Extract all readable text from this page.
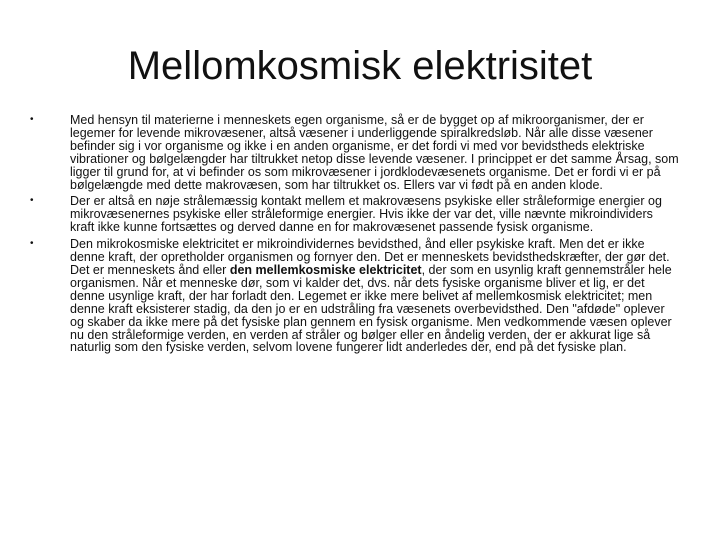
Mellomkosmisk elektrisitet
•	Med hensyn til materierne i menneskets egen organisme, så er de bygget op af mikroorganismer, der er legemer for levende mikrovæsener, altså væsener i underliggende spiralkredsløb. Når alle disse væsener befinder sig i vor organisme og ikke i en anden organisme, er det fordi vi med vor bevidstheds elektriske vibrationer og bølgelængder har tiltrukket netop disse levende væsener. I princippet er det samme Årsag, som ligger til grund for, at vi befinder os som mikrovæsener i jordklodevæsenets organisme. Det er fordi vi er på bølgelængde med dette makrovæsen, som har tiltrukket os. Ellers var vi født på en anden klode.
•	Der er altså en nøje strålemæssig kontakt mellem et makrovæsens psykiske eller stråleformige energier og mikrovæsenernes psykiske eller stråleformige energier. Hvis ikke der var det, ville nævnte mikroindividers kraft ikke kunne fortsættes og derved danne en for makrovæsenet passende fysisk organisme.
•	Den mikrokosmiske elektricitet er mikroindividernes bevidsthed, ånd eller psykiske kraft. Men det er ikke denne kraft, der opretholder organismen og fornyer den. Det er menneskets bevidsthedskræfter, der gør det. Det er menneskets ånd eller den mellemkosmiske elektricitet, der som en usynlig kraft gennemstråler hele organismen. Når et menneske dør, som vi kalder det, dvs. når dets fysiske organisme bliver et lig, er det denne usynlige kraft, der har forladt den. Legemet er ikke mere belivet af mellemkosmisk elektricitet; men denne kraft eksisterer stadig, da den jo er en udstråling fra væsenets overbevidsthed. Den "afdøde" oplever og skaber da ikke mere på det fysiske plan gennem en fysisk organisme. Men vedkommende væsen oplever nu den stråleformige verden, en verden af stråler og bølger eller en åndelig verden, der er akkurat lige så naturlig som den fysiske verden, selvom lovene fungerer lidt anderledes der, end på det fysiske plan.
